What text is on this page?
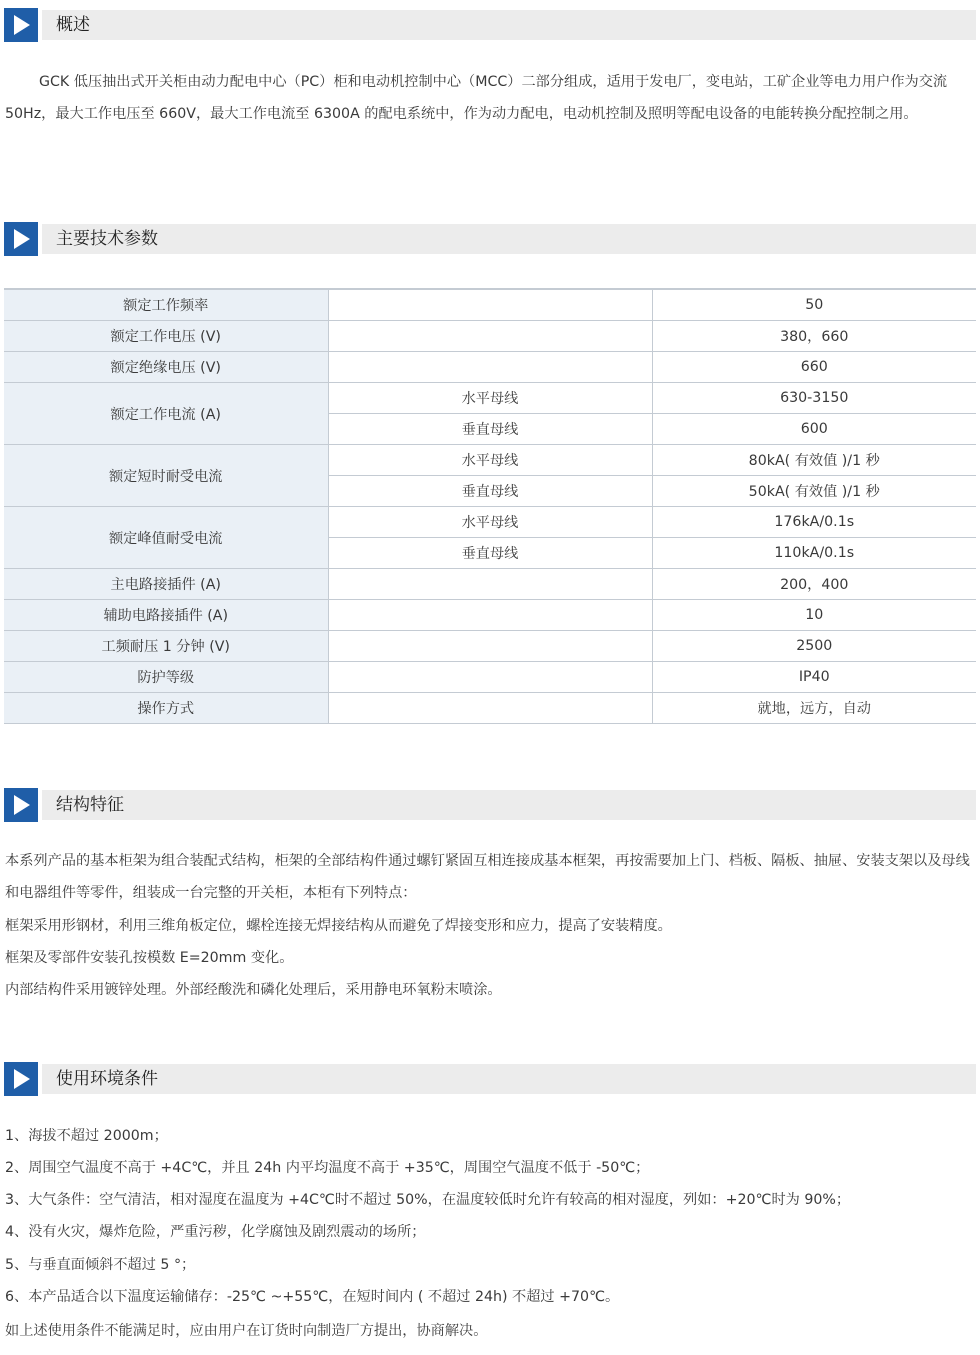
概述

GCK 低压抽出式开关柜由动力配电中心（PC）柜和电动机控制中心（MCC）二部分组成，适用于发电厂，变电站，工矿企业等电力用户作为交流 50Hz，最大工作电压至 660V，最大工作电流至 6300A 的配电系统中，作为动力配电，电动机控制及照明等配电设备的电能转换分配控制之用。

主要技术参数
额定工作频率		50
额定工作电压 (V)		380，660
额定绝缘电压 (V)		660
额定工作电流 (A)	水平母线	630-3150
	垂直母线	600
额定短时耐受电流	水平母线	80kA( 有效值 )/1 秒
	垂直母线	50kA( 有效值 )/1 秒
额定峰值耐受电流	水平母线	176kA/0.1s
	垂直母线	110kA/0.1s
主电路接插件 (A)		200，400
辅助电路接插件 (A)		10
工频耐压 1 分钟 (V)		2500
防护等级		IP40
操作方式		就地，远方，自动
结构特征

本系列产品的基本柜架为组合装配式结构，柜架的全部结构件通过螺钉紧固互相连接成基本框架，再按需要加上门、档板、隔板、抽屉、安装支架以及母线和电器组件等零件，组装成一台完整的开关柜，本柜有下列特点：

框架采用形钢材，利用三维角板定位，螺栓连接无焊接结构从而避免了焊接变形和应力，提高了安装精度。

框架及零部件安装孔按模数 E=20mm 变化。

内部结构件采用镀锌处理。外部经酸洗和磷化处理后，采用静电环氧粉末喷涂。

使用环境条件

1、海拔不超过 2000m；

2、周围空气温度不高于 +4C℃，并且 24h 内平均温度不高于 +35℃，周围空气温度不低于 -50℃；

3、大气条件：空气清洁，相对湿度在温度为 +4C℃时不超过 50%，在温度较低时允许有较高的相对湿度，列如：+20℃时为 90%；

4、没有火灾，爆炸危险，严重污秽，化学腐蚀及剧烈震动的场所；

5、与垂直面倾斜不超过 5 °；

6、本产品适合以下温度运输储存：-25℃ ~+55℃，在短时间内 ( 不超过 24h) 不超过 +70℃。

如上述使用条件不能满足时，应由用户在订货时向制造厂方提出，协商解决。
